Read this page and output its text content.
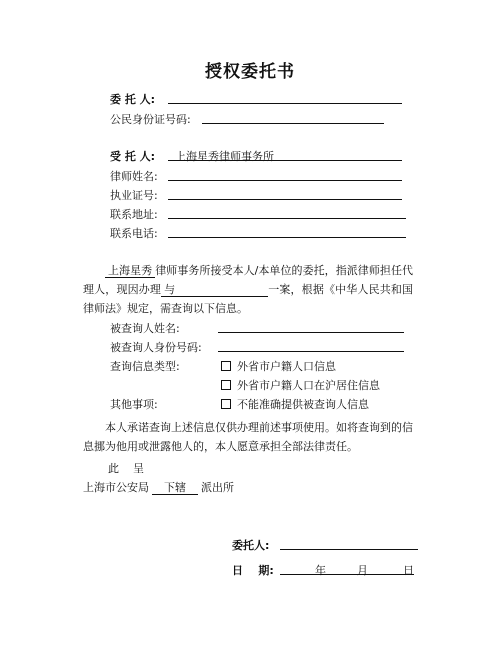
授权委托书
委 托 人:
公民身份证号码:
受 托 人: 上海星秀律师事务所
律师姓名:
执业证号:
联系地址:
联系电话:
上海星秀 律师事务所接受本人/本单位的委托，指派律师担任代理人，现因办理 与	一案，根据《中华人民共和国律师法》规定，需查询以下信息。
被查询人姓名:
被查询人身份号码:
查询信息类型:	外省市户籍人口信息
外省市户籍人口在沪居住信息
其他事项:	不能准确提供被查询人信息
本人承诺查询上述信息仅供办理前述事项使用。如将查询到的信息挪为他用或泄露他人的，本人愿意承担全部法律责任。
此    呈
上海市公安局 下辖 派出所
委托人:
日    期:	年	月	日
